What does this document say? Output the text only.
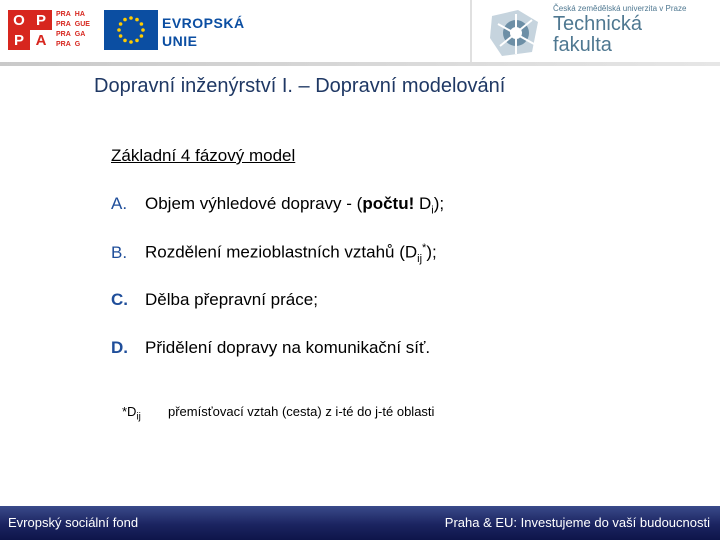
O P
P A
PRA HA
PRA GUE
PRA GA
PRA G
EVROPSKÁ
UNIE
Česká zemědělská univerzita v Praze
Technická
fakulta
Dopravní inženýrství I. – Dopravní modelování
Základní 4 fázový model
A. Objem výhledové dopravy - (počtu! $D_i$);
B. Rozdělení mezioblastních vztahů $(D_{ij}^*)$;
C. Dělba přepravní práce;
D. Přidělení dopravy na komunikační síť.
$*D_{ij}$ přemísťovací vztah (cesta) z i-té do j-té oblasti
Evropský sociální fond	Praha & EU: Investujeme do vaší budoucnosti
